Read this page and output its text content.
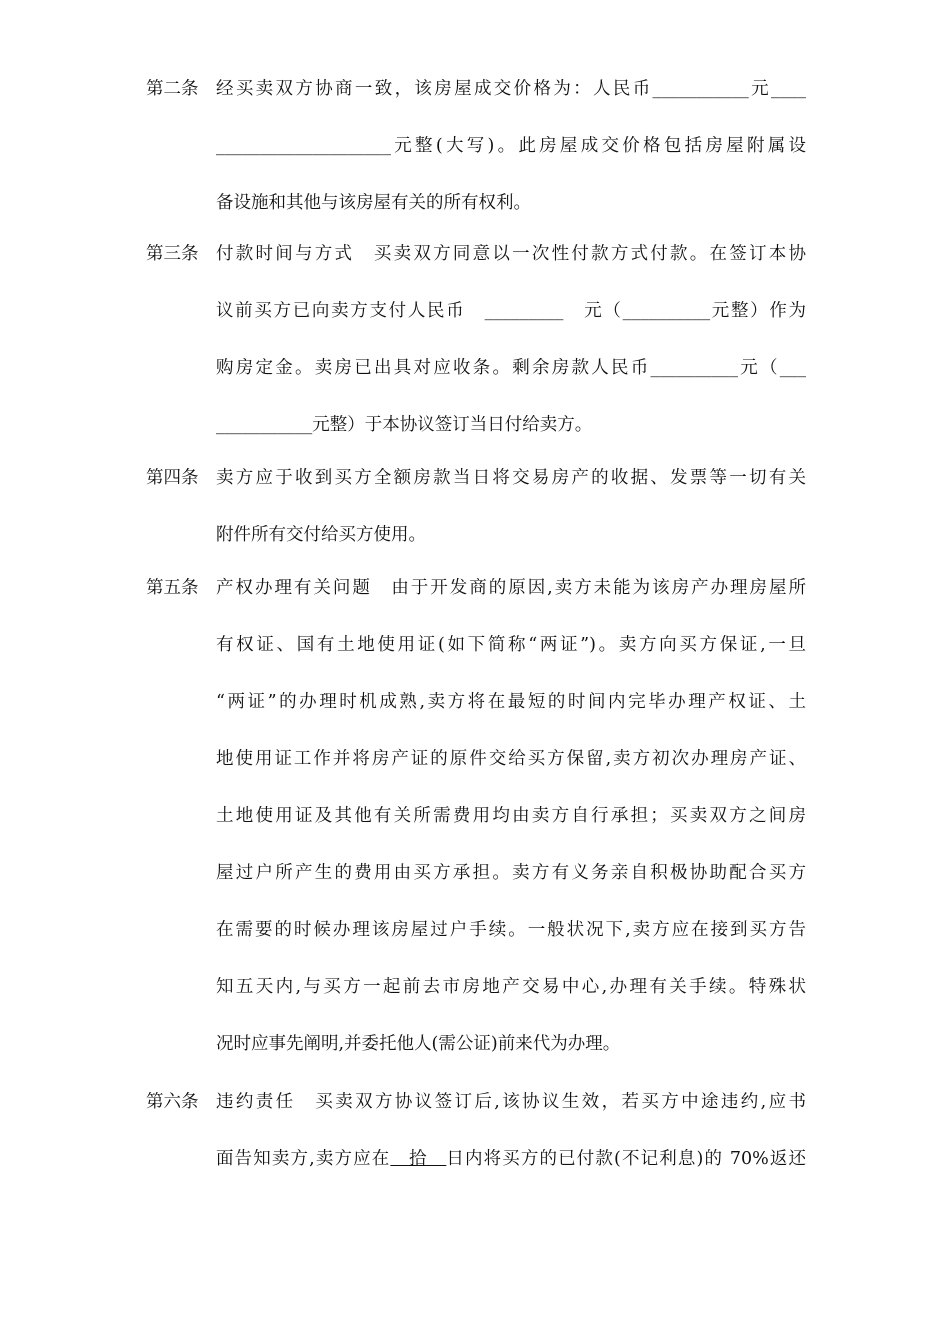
第二条	经买卖双方协商一致，该房屋成交价格为：人民币___________元____
____________________元整(大写)。此房屋成交价格包括房屋附属设
备设施和其他与该房屋有关的所有权利。
第三条	付款时间与方式　买卖双方同意以一次性付款方式付款。在签订本协
议前买方已向卖方支付人民币　_________　元（__________元整）作为
购房定金。卖房已出具对应收条。剩余房款人民币__________元（___
___________元整）于本协议签订当日付给卖方。
第四条	卖方应于收到买方全额房款当日将交易房产的收据、发票等一切有关
附件所有交付给买方使用。
第五条	产权办理有关问题　由于开发商的原因,卖方未能为该房产办理房屋所
有权证、国有土地使用证(如下简称“两证”)。卖方向买方保证,一旦
“两证”的办理时机成熟,卖方将在最短的时间内完毕办理产权证、土
地使用证工作并将房产证的原件交给买方保留,卖方初次办理房产证、
土地使用证及其他有关所需费用均由卖方自行承担；买卖双方之间房
屋过户所产生的费用由买方承担。卖方有义务亲自积极协助配合买方
在需要的时候办理该房屋过户手续。一般状况下,卖方应在接到买方告
知五天内,与买方一起前去市房地产交易中心,办理有关手续。特殊状
况时应事先阐明,并委托他人(需公证)前来代为办理。
第六条	违约责任　买卖双方协议签订后,该协议生效，若买方中途违约,应书
面告知卖方,卖方应在　拾　日内将买方的已付款(不记利息)的 70%返还
